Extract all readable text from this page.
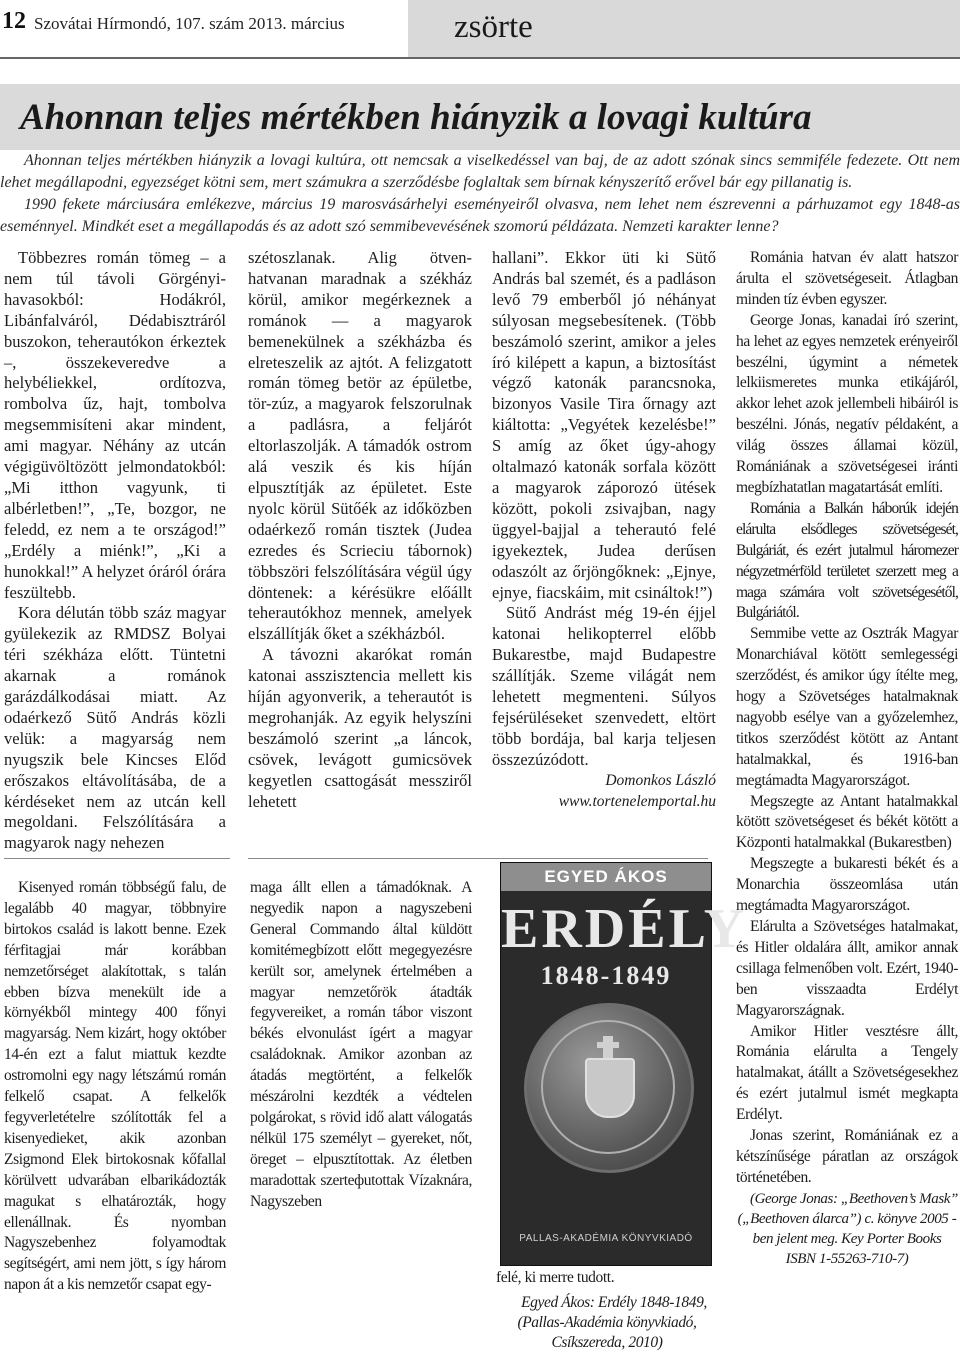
12 Szovátai Hírmondó, 107. szám 2013. március	zsörte
Ahonnan teljes mértékben hiányzik a lovagi kultúra

Ahonnan teljes mértékben hiányzik a lovagi kultúra, ott nemcsak a viselkedéssel van baj, de az adott szónak sincs semmiféle fedezete. Ott nem lehet megállapodni, egyezséget kötni sem, mert számukra a szerződésbe foglaltak sem bírnak kényszerítő erővel bár egy pillanatig is.

1990 fekete márciusára emlékezve, március 19 marosvásárhelyi eseményeiről olvasva, nem lehet nem észrevenni a párhuzamot egy 1848-as eseménnyel. Mindkét eset a megállapodás és az adott szó semmibevevésének szomorú példázata. Nemzeti karakter lenne?

Többezres román tömeg – a nem túl távoli Görgényi-havasokból: Hodákról, Libánfalváról, Dédabisztráról buszokon, teherautókon érkeztek –, összekeveredve a helybéliekkel, ordítozva, rombolva űz, hajt, tombolva megsemmisíteni akar mindent, ami magyar. Néhány az utcán végigüvöltözött jelmondatokból: „Mi itthon vagyunk, ti albérletben!”, „Te, bozgor, ne feledd, ez nem a te országod!” „Erdély a miénk!”, „Ki a hunokkal!” A helyzet óráról órára feszültebb.

Kora délután több száz magyar gyülekezik az RMDSZ Bolyai téri székháza előtt. Tüntetni akarnak a románok garázdálkodásai miatt. Az odaérkező Sütő András közli velük: a magyarság nem nyugszik bele Kincses Előd erőszakos eltávolításába, de a kérdéseket nem az utcán kell megoldani. Felszólítására a magyarok nagy nehezen

szétoszlanak. Alig ötven-hatvanan maradnak a székház körül, amikor megérkeznek a románok — a magyarok bemenekülnek a székházba és elreteszelik az ajtót. A felizgatott román tömeg betör az épületbe, tör-zúz, a magyarok felszorulnak a padlásra, a feljárót eltorlaszolják. A támadók ostrom alá veszik és kis híján elpusztítják az épületet. Este nyolc körül Sütőék az időközben odaérkező román tisztek (Judea ezredes és Scrieciu tábornok) többszöri felszólítására végül úgy döntenek: a kérésükre előállt teherautókhoz mennek, amelyek elszállítják őket a székházból.

A távozni akarókat román katonai asszisztencia mellett kis híján agyonverik, a teherautót is megrohanják. Az egyik helyszíni beszámoló szerint „a láncok, csövek, levágott gumicsövek kegyetlen csattogását messziről lehetett

hallani”. Ekkor üti ki Sütő András bal szemét, és a padláson levő 79 emberből jó néhányat súlyosan megsebesítenek. (Több beszámoló szerint, amikor a jeles író kilépett a kapun, a biztosítást végző katonák parancsnoka, bizonyos Vasile Tira őrnagy azt kiáltotta: „Vegyétek kezelésbe!” S amíg az őket úgy-ahogy oltalmazó katonák sorfala között a magyarok záporozó ütések között, pokoli zsivajban, nagy üggyel-bajjal a teherautó felé igyekeztek, Judea derűsen odaszólt az őrjöngőknek: „Ejnye, ejnye, fiacskáim, mit csináltok!”)

Sütő Andrást még 19-én éjjel katonai helikopterrel előbb Bukarestbe, majd Budapestre szállítják. Szeme világát nem lehetett megmenteni. Súlyos fejsérüléseket szenvedett, eltört több bordája, bal karja teljesen összezúzódott.

Domonkos László

www.tortenelemportal.hu

Kisenyed román többségű falu, de legalább 40 magyar, többnyire birtokos család is lakott benne. Ezek férfitagjai már korábban nemzetőrséget alakítottak, s talán ebben bízva menekült ide a környékből mintegy 400 főnyi magyarság. Nem kizárt, hogy október 14-én ezt a falut miattuk kezdte ostromolni egy nagy létszámú román felkelő csapat. A felkelők fegyverletételre szólították fel a kisenyedieket, akik azonban Zsigmond Elek birtokosnak kőfallal körülvett udvarában elbarikádozták magukat s elhatározták, hogy ellenállnak. És nyomban Nagyszebenhez folyamodtak segítségért, ami nem jött, s így három napon át a kis nemzetőr csapat egy-

maga állt ellen a támadóknak. A negyedik napon a nagyszebeni General Commando által küldött komitémegbízott előtt megegyezésre került sor, amelynek értelmében a magyar nemzetőrök átadták fegyvereiket, a román tábor viszont békés elvonulást ígért a magyar családoknak. Amikor azonban az átadás megtörtént, a felkelők mészárolni kezdték a védtelen polgárokat, s rövid idő alatt válogatás nélkül 175 személyt – gyereket, nőt, öreget – elpusztítottak. Az életben maradottak szerteфutottak Vízaknára, Nagyszeben

EGYED ÁKOS
ERDÉLY
1848-1849
PALLAS-AKADÉMIA KÖNYVKIADÓ

felé, ki merre tudott.

Egyed Ákos: Erdély 1848-1849, (Pallas-Akadémia könyvkiadó, Csíkszereda, 2010)

Románia hatvan év alatt hatszor árulta el szövetségeseit. Átlagban minden tíz évben egyszer.

George Jonas, kanadai író szerint, ha lehet az egyes nemzetek erényeiről beszélni, úgymint a németek lelkiismeretes munka etikájáról, akkor lehet azok jellembeli hibáiról is beszélni. Jónás, negatív példaként, a világ összes államai közül, Romániának a szövetségesei iránti megbízhatatlan magatartását említi.

Románia a Balkán háborúk idején elárulta elsődleges szövetségesét, Bulgáriát, és ezért jutalmul háromezer négyzetmérföld területet szerzett meg a maga számára volt szövetségesétől, Bulgáriától.

Semmibe vette az Osztrák Magyar Monarchiával kötött semlegességi szerződést, és amikor úgy ítélte meg, hogy a Szövetséges hatalmaknak nagyobb esélye van a győzelemhez, titkos szerződést kötött az Antant hatalmakkal, és 1916-ban megtámadta Magyarországot.

Megszegte az Antant hatalmakkal kötött szövetségeset és békét kötött a Központi hatalmakkal (Bukarestben)

Megszegte a bukaresti békét és a Monarchia összeomlása után megtámadta Magyarországot.

Elárulta a Szövetséges hatalmakat, és Hitler oldalára állt, amikor annak csillaga felmenőben volt. Ezért, 1940-ben visszaadta Erdélyt Magyarországnak.

Amikor Hitler vesztésre állt, Románia elárulta a Tengely hatalmakat, átállt a Szövetségesekhez és ezért jutalmul ismét megkapta Erdélyt.

Jonas szerint, Romániának ez a kétszínűsége páratlan az országok történetében.

(George Jonas: „Beethoven’s Mask” („Beethoven álarca”) c. könyve 2005 - ben jelent meg. Key Porter Books ISBN 1-55263-710-7)
